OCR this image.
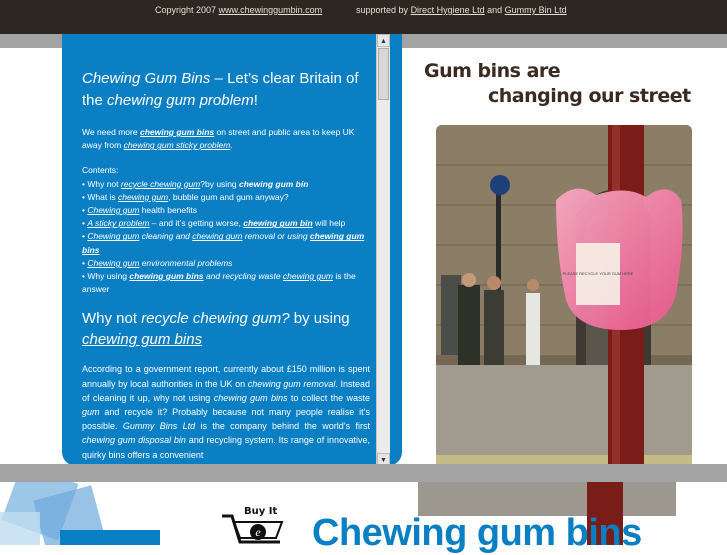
Copyright 2007 www.chewinggumbin.com	supported by Direct Hygiene Ltd and Gummy Bin Ltd
Chewing Gum Bins – Let’s clear Britain of the chewing gum problem!

We need more chewing gum bins on street and public area to keep UK away from chewing gum sticky problem.

Contents:
• Why not recycle chewing gum?by using chewing gum bin
• What is chewing gum, bubble gum and gum anyway?
• Chewing gum health benefits
• A sticky problem – and it’s getting worse, chewing gum bin will help
• Chewing gum cleaning and chewing gum removal or using chewing gum bins
• Chewing gum environmental problems
• Why using chewing gum bins and recycling waste chewing gum is the answer

Why not recycle chewing gum? by using chewing gum bins

According to a government report, currently about £150 million is spent annually by local authorities in the UK on chewing gum removal. Instead of cleaning it up, why not using chewing gum bins to collect the waste gum and recycle it? Probably because not many people realise it’s possible. Gummy Bins Ltd is the company behind the world’s first chewing gum disposal bin and recycling system. Its range of innovative, quirky bins offers a convenient

▲
▼
Gum bins are
changing our street
PLEASE RECYCLE YOUR GUM HERE
e
Buy It
Chewing gum bins
